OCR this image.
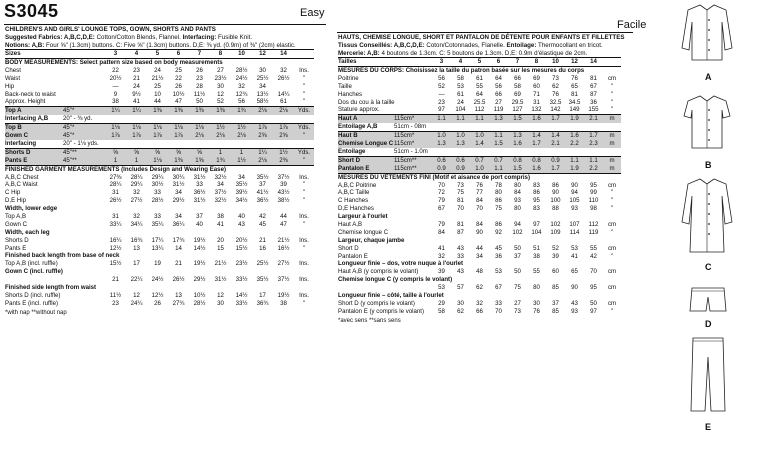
S3045	Easy
Facile
CHILDREN'S AND GIRLS' LOUNGE TOPS, GOWN, SHORTS AND PANTS
Suggested Fabrics: A,B,C,D,E: Cotton/Cotton Blends, Flannel. Interfacing: Fusible Knit.
Notions: A,B: Four ⅝" (1.3cm) buttons. C: Five ⅝" (1.3cm) buttons. D,E: ⅜ yd. (0.9m) of ⅜" (2cm) elastic.
Sizes		3	4	5	6	7	8	10	12	14	
BODY MEASUREMENTS: Select pattern size based on body measurements											
Chest		22	23	24	25	26	27	28½	30	32	Ins.
Waist		20½	21	21½	22	23	23½	24½	25½	26½	"
Hip		—	24	25	26	28	30	32	34		"
Back-neck to waist		9	9½	10	10½	11½	12	12¾	13½	14¼	"
Approx. Height		38	41	44	47	50	52	56	58½	61	"
Top A	45"*	1¼	1¼	1⅜	1⅜	1⅜	1⅜	1¾	2⅛	2⅛	Yds.
Interfacing A,B	20" - ⅜ yd.										
Top B	45"*	1⅛	1⅛	1⅛	1⅛	1⅛	1½	1½	1⅞	1⅞	Yds.
Gown C	45"*	1⅞	1⅞	1⅞	1⅞	2⅛	2⅛	2⅛	2⅝	2⅝	"
Interfacing	20" - 1⅛ yds.										
Shorts D	45"**	⅝	⅝	⅝	⅝	⅝	1	1	1¼	1½	Yds.
Pants E	45"**	1	1	1⅛	1⅜	1⅝	1¾	1½	2⅛	2⅜	"
FINISHED GARMENT MEASUREMENTS (Includes Design and Wearing Ease)											
A,B,C Chest		27⅜	28¼	29¼	30¼	31½	32½	34	35½	37½	Ins.
A,B,C Waist		28¼	29¼	30½	31½	33	34	35½	37	39	"
C Hip		31	32	33	34	36½	37½	39½	41½	43½	"
D,E Hip		26½	27½	28½	29½	31½	32½	34½	36½	38½	"
Width, lower edge											
Top A,B		31	32	33	34	37	38	40	42	44	Ins.
Gown C		33¼	34¼	35¼	36¼	40	41	43	45	47	"
Width, each leg											
Shorts D		16¼	16¾	17¼	17¾	19½	20	20½	21	21½	Ins.
Pants E		12½	13	13¼	14	14½	15	15½	16	16½	"
Finished back length from base of neck											
Top A,B (incl. ruffle)		15½	17	19	21	19½	21½	23½	25½	27½	Ins.
Gown C (incl. ruffle)											
		21	22¼	24½	26½	29½	31½	33½	35½	37½	Ins.
Finished side length from waist											
Shorts D (incl. ruffle)		11½	12	12½	13	10½	12	14½	17	19½	Ins.
Pants E (incl. ruffle)		23	24¼	26	27¾	28½	30	33½	36¾	38	"
*with nap **without nap
HAUTS, CHEMISE LONGUE, SHORT ET PANTALON DE DÉTENTE POUR ENFANTS ET FILLETTES
Tissus Conseillés: A,B,C,D,E: Coton/Cotonnades, Flanelle. Entoilage: Thermocollant en tricot.
Mercerie: A,B: 4 boutons de 1.3cm. C: 5 boutons de 1.3cm. D,E: 0.9m d'élastique de 2cm.
Tailles		3	4	5	6	7	8	10	12	14	
MESURES DU CORPS: Choisissez la taille du patron basée sur les mesures du corps											
Poitrine		56	58	61	64	66	69	73	76	81	cm
Taille		52	53	55	56	58	60	62	65	67	"
Hanches		—	61	64	66	69	71	76	81	87	"
Dos du cou à la taille		23	24	25.5	27	29.5	31	32.5	34.5	36	"
Stature approx.		97	104	112	119	127	132	142	149	155	"
Haut A	115cm*	1.1	1.1	1.1	1.3	1.5	1.6	1.7	1.9	2.1	m
Entoilage A,B	51cm - 08m										
Haut B	115cm*	1.0	1.0	1.0	1.1	1.3	1.4	1.4	1.6	1.7	m
Chemise Longue C	115cm*	1.3	1.3	1.4	1.5	1.6	1.7	2.1	2.2	2.3	m
Entoilage	51cm - 1.0m										
Short D	115cm**	0.6	0.6	0.7	0.7	0.8	0.8	0.9	1.1	1.1	m
Pantalon E	115cm**	0.9	0.9	1.0	1.1	1.5	1.6	1.7	1.9	2.2	m
MESURES DU VÊTEMENTS FINI (Motif et aisance de port compris)											
A,B,C Poitrine		70	73	76	78	80	83	86	90	95	cm
A,B,C Taille		72	75	77	80	84	86	90	94	99	"
C Hanches		79	81	84	86	93	95	100	105	110	"
D,E Hanches		67	70	70	75	80	83	88	93	98	"
Largeur à l'ourlet											
Haut A,B		79	81	84	86	94	97	102	107	112	cm
Chemise longue C		84	87	90	92	102	104	109	114	119	"
Largeur, chaque jambe											
Short D		41	43	44	45	50	51	52	53	55	cm
Pantalon E		32	33	34	36	37	38	39	41	42	"
Longueur finie – dos, votre nuque à l'ourlet											
Haut A,B (y compris le volant)		39	43	48	53	50	55	60	65	70	cm
Chemise longue C (y compris le volant)											
		53	57	62	67	75	80	85	90	95	cm
Longueur finie – côté, taille à l'ourlet											
Short D (y compris le volant)		29	30	32	33	27	30	37	43	50	cm
Pantalon E (y compris le volant)		58	62	66	70	73	76	85	93	97	"
*avec sens **sans sens
A
B
C
D
E
